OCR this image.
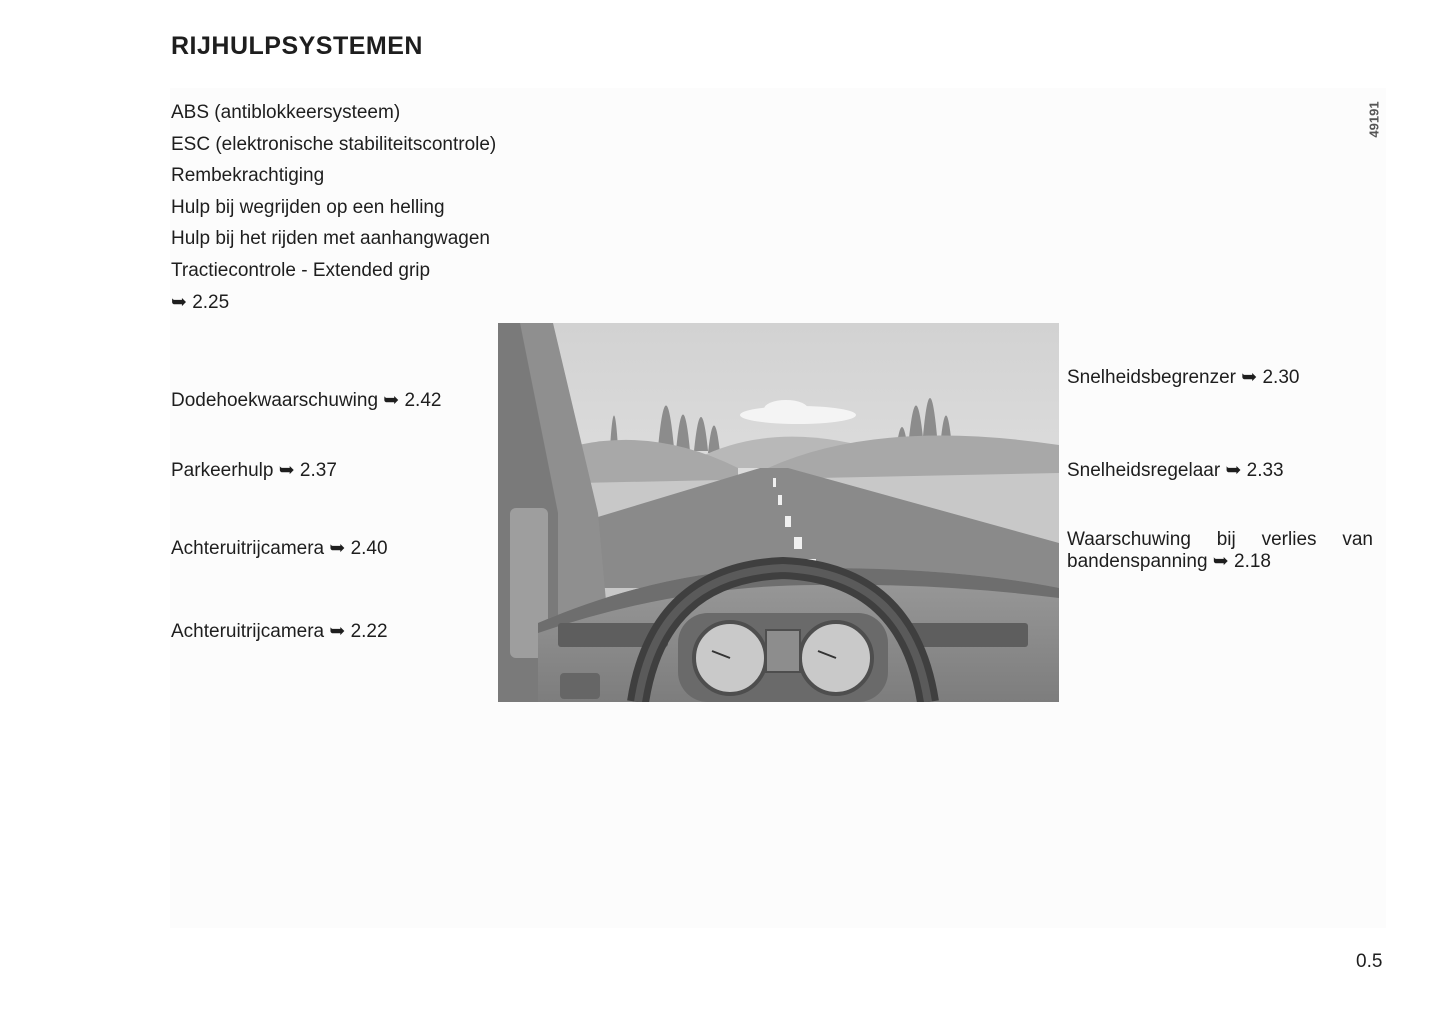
RIJHULPSYSTEMEN
49191
ABS (antiblokkeersysteem)
ESC (elektronische stabiliteitscontrole)
Rembekrachtiging
Hulp bij wegrijden op een helling
Hulp bij het rijden met aanhangwagen
Tractiecontrole - Extended grip
➥ 2.25
Dodehoekwaarschuwing ➥ 2.42
Parkeerhulp ➥ 2.37
Achteruitrijcamera ➥ 2.40
Achteruitrijcamera ➥ 2.22
Snelheidsbegrenzer ➥ 2.30
Snelheidsregelaar ➥ 2.33
Waarschuwing bij verlies van bandenspanning ➥ 2.18
0.5
